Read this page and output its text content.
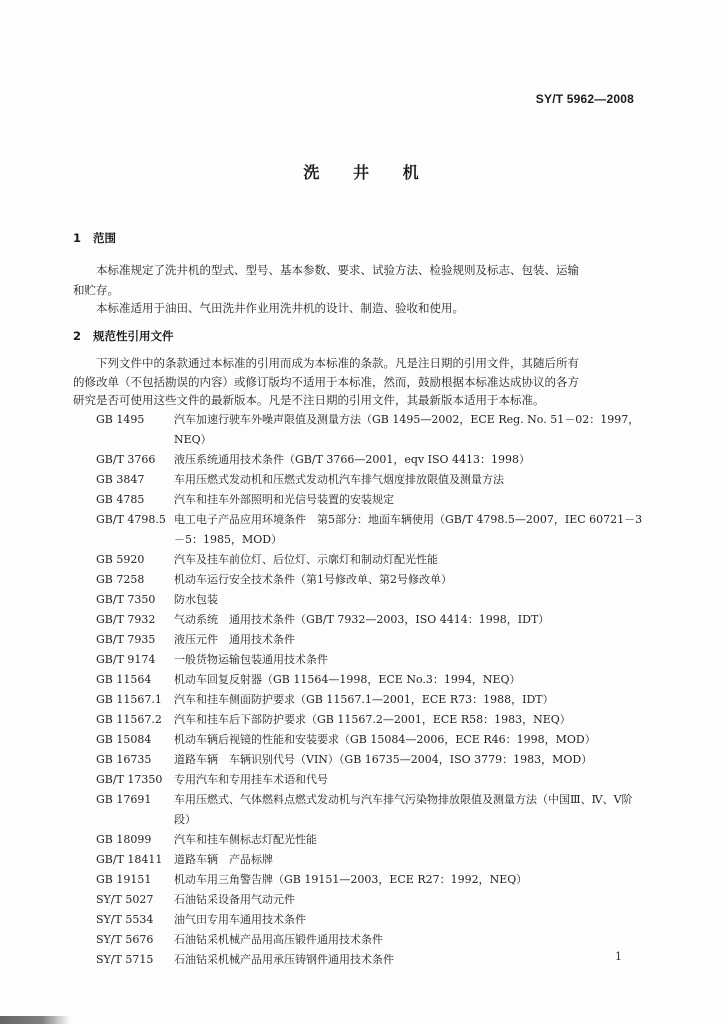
SY/T 5962—2008
洗 井 机
1 范围
本标准规定了洗井机的型式、型号、基本参数、要求、试验方法、检验规则及标志、包装、运输
和贮存。
本标准适用于油田、气田洗井作业用洗井机的设计、制造、验收和使用。
2 规范性引用文件
下列文件中的条款通过本标准的引用而成为本标准的条款。凡是注日期的引用文件，其随后所有
的修改单（不包括勘误的内容）或修订版均不适用于本标准，然而，鼓励根据本标准达成协议的各方
研究是否可使用这些文件的最新版本。凡是不注日期的引用文件，其最新版本适用于本标准。
GB 1495	汽车加速行驶车外噪声限值及测量方法（GB 1495—2002，ECE Reg. No. 51－02：1997，NEQ）
GB/T 3766	液压系统通用技术条件（GB/T 3766—2001，eqv ISO 4413：1998）
GB 3847	车用压燃式发动机和压燃式发动机汽车排气烟度排放限值及测量方法
GB 4785	汽车和挂车外部照明和光信号装置的安装规定
GB/T 4798.5 电工电子产品应用环境条件　第5部分：地面车辆使用（GB/T 4798.5—2007，IEC 60721－3－5：1985，MOD）
GB 5920	汽车及挂车前位灯、后位灯、示廓灯和制动灯配光性能
GB 7258	机动车运行安全技术条件（第1号修改单、第2号修改单）
GB/T 7350	防水包装
GB/T 7932	气动系统　通用技术条件（GB/T 7932—2003，ISO 4414：1998，IDT）
GB/T 7935	液压元件　通用技术条件
GB/T 9174	一般货物运输包装通用技术条件
GB 11564	机动车回复反射器（GB 11564—1998，ECE No.3：1994，NEQ）
GB 11567.1	汽车和挂车侧面防护要求（GB 11567.1—2001，ECE R73：1988，IDT）
GB 11567.2	汽车和挂车后下部防护要求（GB 11567.2—2001，ECE R58：1983，NEQ）
GB 15084	机动车辆后视镜的性能和安装要求（GB 15084—2006，ECE R46：1998，MOD）
GB 16735	道路车辆　车辆识别代号（VIN）（GB 16735—2004，ISO 3779：1983，MOD）
GB/T 17350	专用汽车和专用挂车术语和代号
GB 17691	车用压燃式、气体燃料点燃式发动机与汽车排气污染物排放限值及测量方法（中国Ⅲ、Ⅳ、Ⅴ阶段）
GB 18099	汽车和挂车侧标志灯配光性能
GB/T 18411	道路车辆　产品标牌
GB 19151	机动车用三角警告牌（GB 19151—2003，ECE R27：1992，NEQ）
SY/T 5027	石油钻采设备用气动元件
SY/T 5534	油气田专用车通用技术条件
SY/T 5676	石油钻采机械产品用高压锻件通用技术条件
SY/T 5715	石油钻采机械产品用承压铸钢件通用技术条件	1
